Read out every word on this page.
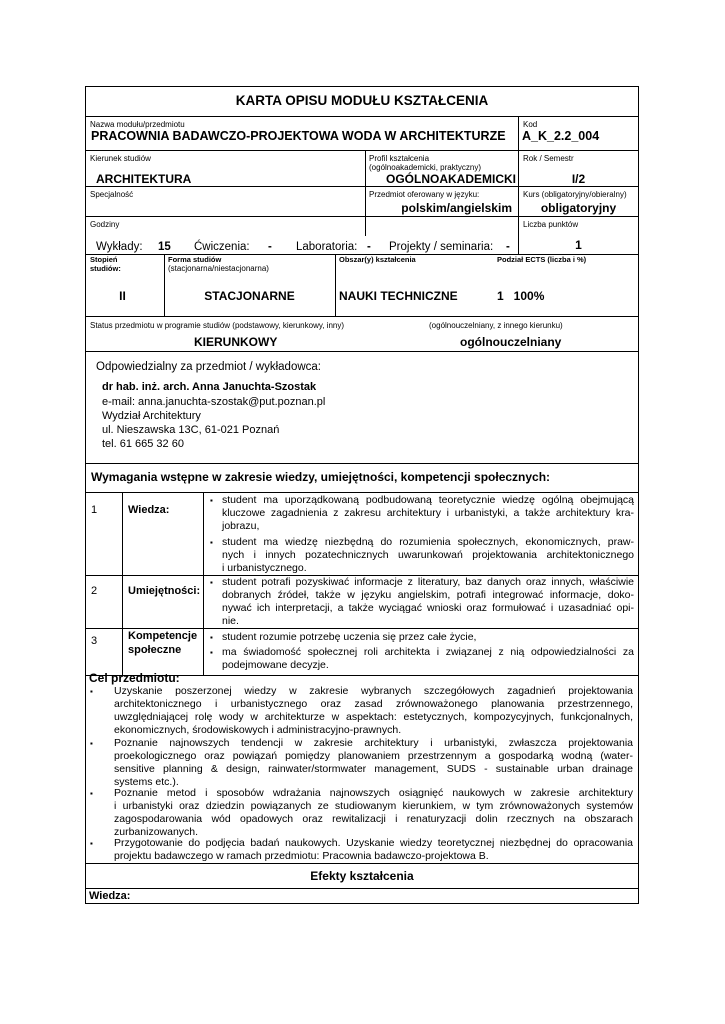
KARTA OPISU MODUŁU KSZTAŁCENIA
Nazwa modułu/przedmiotu
PRACOWNIA BADAWCZO-PROJEKTOWA WODA W ARCHITEKTURZE
Kod
A_K_2.2_004
Kierunek studiów
ARCHITEKTURA
Profil kształcenia
(ogólnoakademicki, praktyczny)
OGÓLNOAKADEMICKI
Rok / Semestr
I/2
Specjalność	Przedmiot oferowany w języku:
polskim/angielskim
Kurs (obligatoryjny/obieralny)
obligatoryjny
Godziny
Wykłady: 15 Ćwiczenia: - Laboratoria: - Projekty / seminaria: -
Liczba punktów
1
Stopień studiów:
II
Forma studiów
(stacjonarna/niestacjonarna)
STACJONARNE
Obszar(y) kształcenia
NAUKI TECHNICZNE
Podział ECTS (liczba i %)
1   100%
Status przedmiotu w programie studiów (podstawowy, kierunkowy, inny)
KIERUNKOWY
(ogólnouczelniany, z innego kierunku)
ogólnouczelniany
Odpowiedzialny za przedmiot / wykładowca:
dr hab. inż. arch. Anna Januchta-Szostak
e-mail: anna.januchta-szostak@put.poznan.pl
Wydział Architektury
ul. Nieszawska 13C, 61-021 Poznań
tel. 61 665 32 60
Wymagania wstępne w zakresie wiedzy, umiejętności, kompetencji społecznych:
1	Wiedza:
▪ student ma uporządkowaną podbudowaną teoretycznie wiedzę ogólną obejmującą
kluczowe zagadnienia z zakresu architektury i urbanistyki, a także architektury kra-
jobrazu,
▪ student ma wiedzę niezbędną do rozumienia społecznych, ekonomicznych, praw-
nych i innych pozatechnicznych uwarunkowań projektowania architektonicznego
i urbanistycznego.
2	Umiejętności:
▪ student potrafi pozyskiwać informacje z literatury, baz danych oraz innych, właściwie
dobranych źródeł, także w języku angielskim, potrafi integrować informacje, doko-
nywać ich interpretacji, a także wyciągać wnioski oraz formułować i uzasadniać opi-
nie.
3	Kompetencje
społeczne
▪ student rozumie potrzebę uczenia się przez całe życie,
▪ ma świadomość społecznej roli architekta i związanej z nią odpowiedzialności za
podejmowane decyzje.
Cel przedmiotu:
▪ Uzyskanie poszerzonej wiedzy w zakresie wybranych szczegółowych zagadnień projektowania
architektonicznego i urbanistycznego oraz zasad zrównoważonego planowania przestrzennego,
uwzględniającej rolę wody w architekturze w aspektach: estetycznych, kompozycyjnych, funkcjonalnych,
ekonomicznych, środowiskowych i administracyjno-prawnych.
▪ Poznanie najnowszych tendencji w zakresie architektury i urbanistyki, zwłaszcza projektowania
proekologicznego oraz powiązań pomiędzy planowaniem przestrzennym a gospodarką wodną (water-
sensitive planning & design, rainwater/stormwater management, SUDS - sustainable urban drainage
systems etc.).
▪ Poznanie metod i sposobów wdrażania najnowszych osiągnięć naukowych w zakresie architektury
i urbanistyki oraz dziedzin powiązanych ze studiowanym kierunkiem, w tym zrównoważonych systemów
zagospodarowania wód opadowych oraz rewitalizacji i renaturyzacji dolin rzecznych na obszarach
zurbanizowanych.
▪ Przygotowanie do podjęcia badań naukowych. Uzyskanie wiedzy teoretycznej niezbędnej do opracowania
projektu badawczego w ramach przedmiotu: Pracownia badawczo-projektowa B.
Efekty kształcenia
Wiedza:
